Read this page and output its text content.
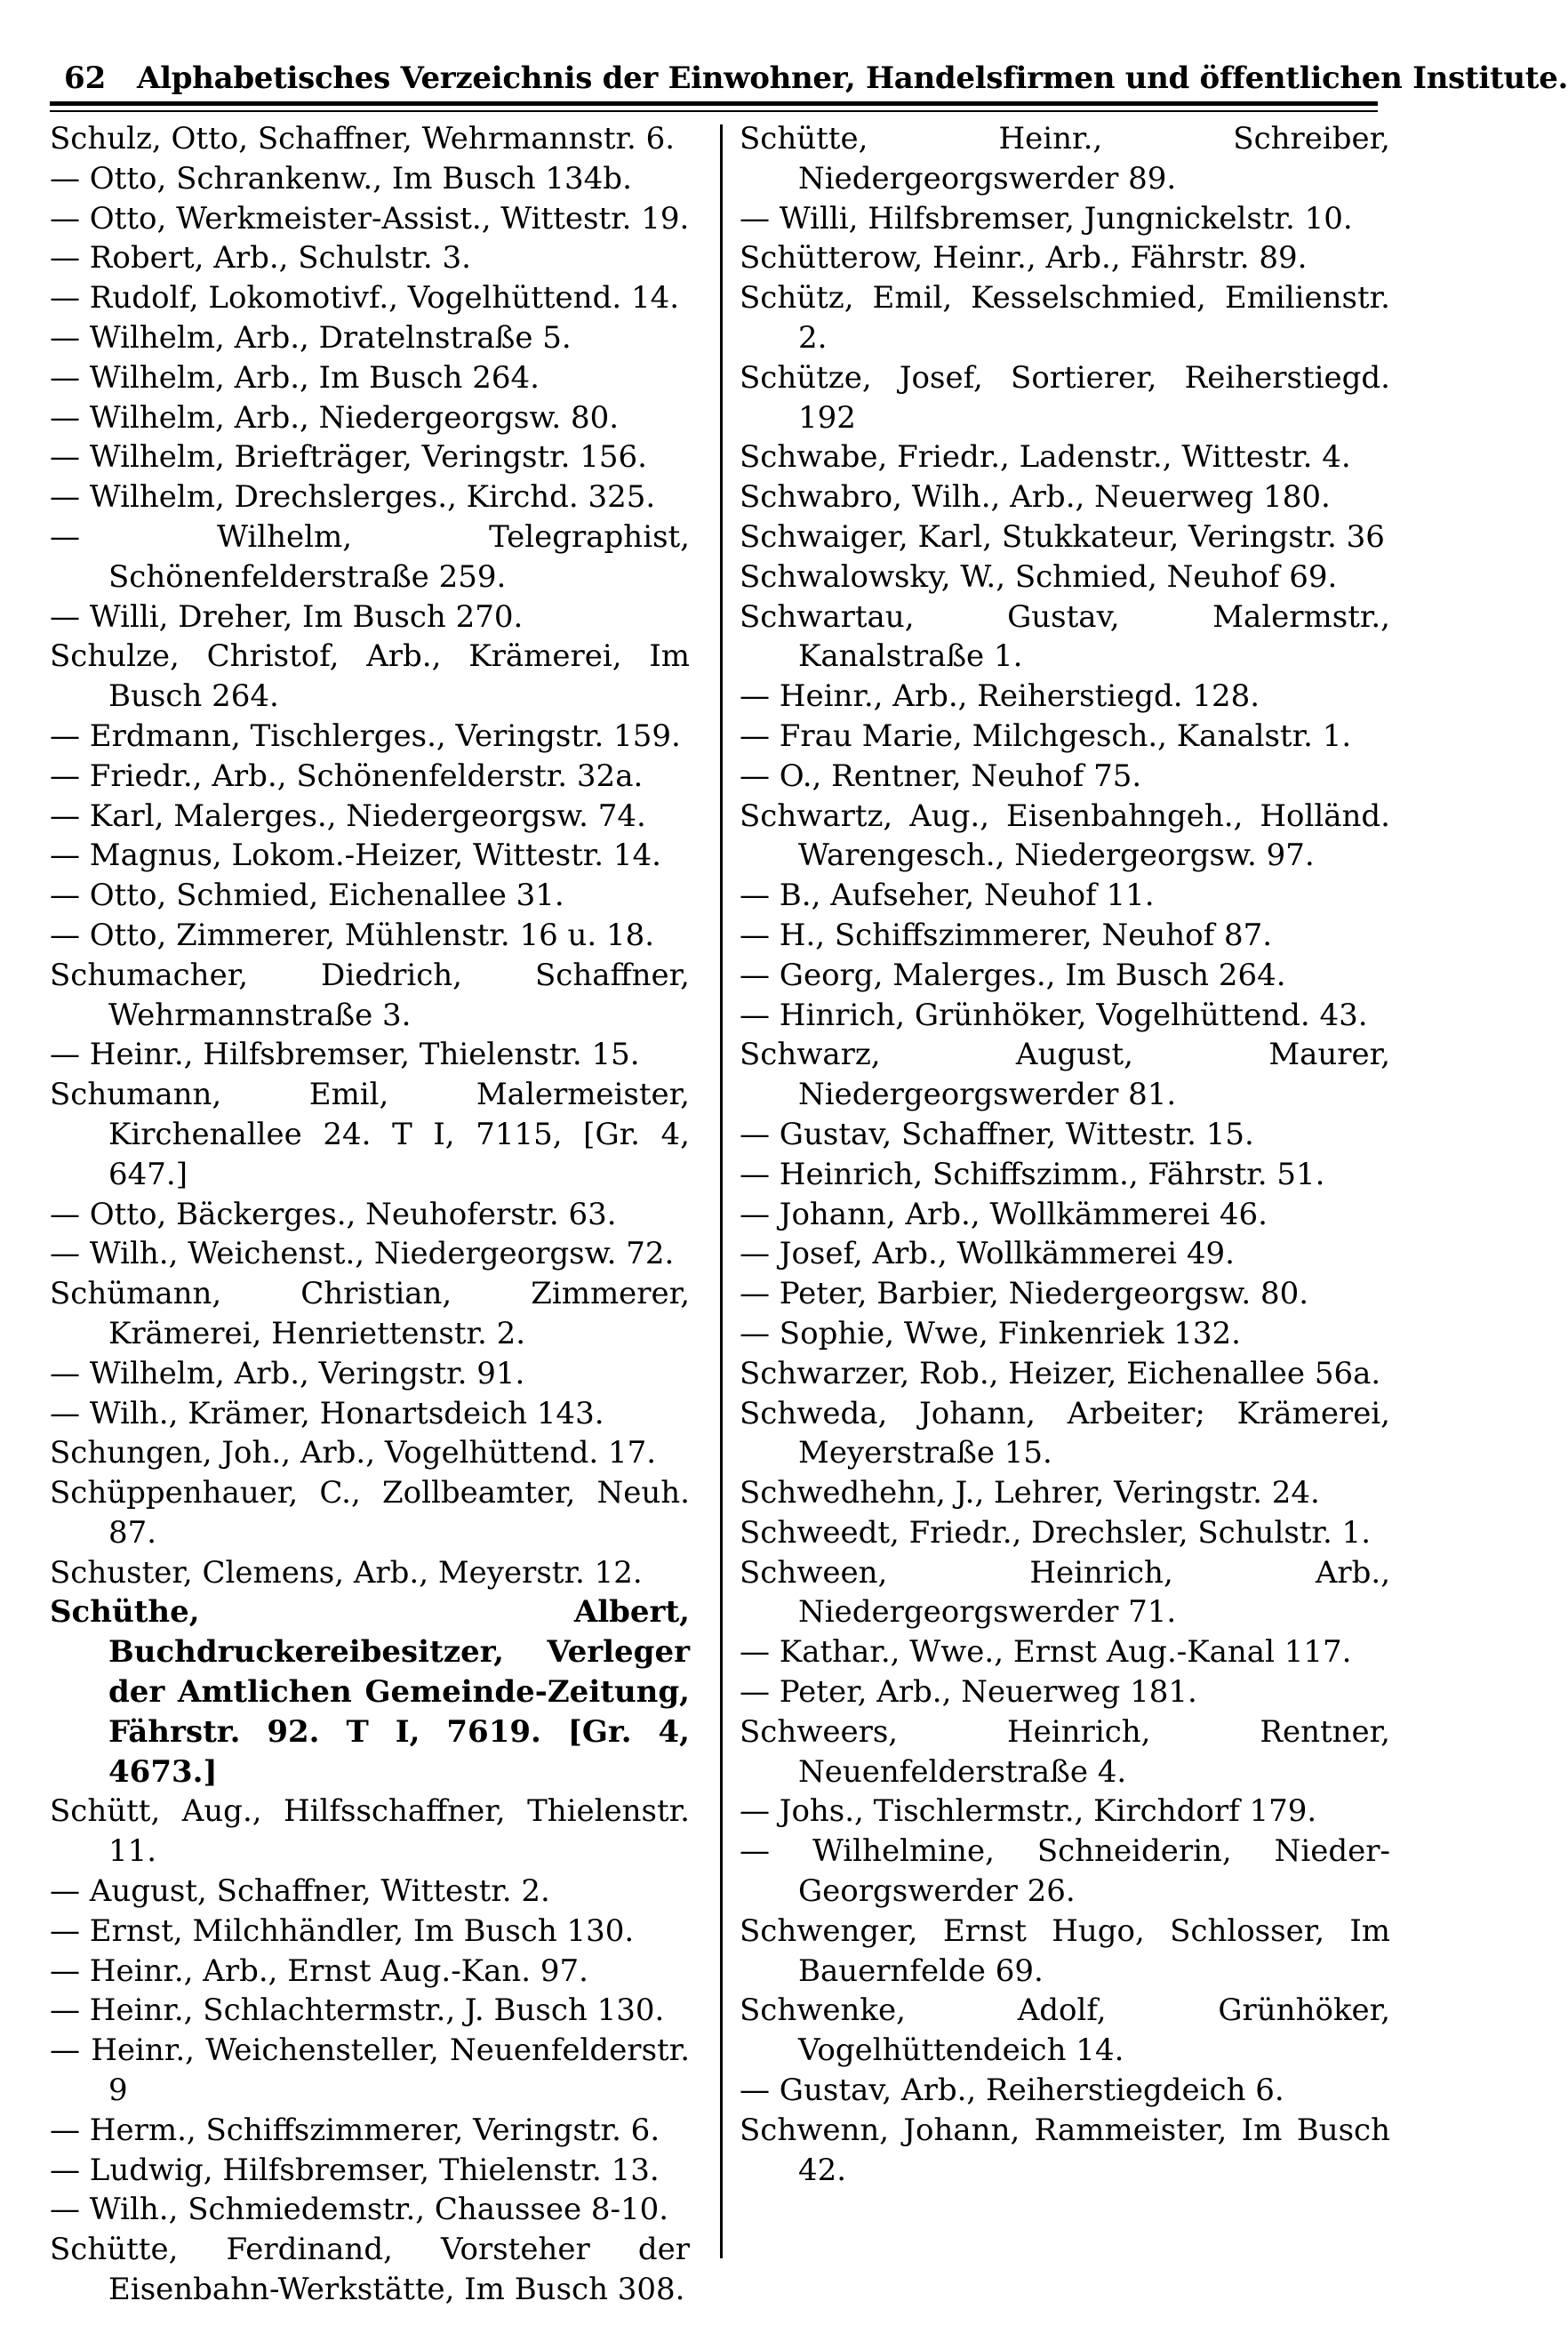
62 Alphabetisches Verzeichnis der Einwohner, Handelsfirmen und öffentlichen Institute.

Schulz, Otto, Schaffner, Wehrmannstr. 6.

— Otto, Schrankenw., Im Busch 134b.

— Otto, Werkmeister-Assist., Wittestr. 19.

— Robert, Arb., Schulstr. 3.

— Rudolf, Lokomotivf., Vogelhüttend. 14.

— Wilhelm, Arb., Dratelnstraße 5.

— Wilhelm, Arb., Im Busch 264.

— Wilhelm, Arb., Niedergeorgsw. 80.

— Wilhelm, Briefträger, Veringstr. 156.

— Wilhelm, Drechslerges., Kirchd. 325.

— Wilhelm, Telegraphist, Schönenfelderstraße 259.

— Willi, Dreher, Im Busch 270.

Schulze, Christof, Arb., Krämerei, Im Busch 264.

— Erdmann, Tischlerges., Veringstr. 159.

— Friedr., Arb., Schönenfelderstr. 32a.

— Karl, Malerges., Niedergeorgsw. 74.

— Magnus, Lokom.-Heizer, Wittestr. 14.

— Otto, Schmied, Eichenallee 31.

— Otto, Zimmerer, Mühlenstr. 16 u. 18.

Schumacher, Diedrich, Schaffner, Wehrmannstraße 3.

— Heinr., Hilfsbremser, Thielenstr. 15.

Schumann, Emil, Malermeister, Kirchenallee 24. T I, 7115, [Gr. 4, 647.]

— Otto, Bäckerges., Neuhoferstr. 63.

— Wilh., Weichenst., Niedergeorgsw. 72.

Schümann, Christian, Zimmerer, Krämerei, Henriettenstr. 2.

— Wilhelm, Arb., Veringstr. 91.

— Wilh., Krämer, Honartsdeich 143.

Schungen, Joh., Arb., Vogelhüttend. 17.

Schüppenhauer, C., Zollbeamter, Neuh. 87.

Schuster, Clemens, Arb., Meyerstr. 12.

Schüthe, Albert, Buchdruckereibesitzer, Verleger der Amtlichen Gemeinde-Zeitung, Fährstr. 92. T I, 7619. [Gr. 4, 4673.]

Schütt, Aug., Hilfsschaffner, Thielenstr. 11.

— August, Schaffner, Wittestr. 2.

— Ernst, Milchhändler, Im Busch 130.

— Heinr., Arb., Ernst Aug.-Kan. 97.

— Heinr., Schlachtermstr., J. Busch 130.

— Heinr., Weichensteller, Neuenfelderstr. 9

— Herm., Schiffszimmerer, Veringstr. 6.

— Ludwig, Hilfsbremser, Thielenstr. 13.

— Wilh., Schmiedemstr., Chaussee 8-10.

Schütte, Ferdinand, Vorsteher der Eisenbahn-Werkstätte, Im Busch 308.

Schütte, Heinr., Schreiber, Niedergeorgswerder 89.

— Willi, Hilfsbremser, Jungnickelstr. 10.

Schütterow, Heinr., Arb., Fährstr. 89.

Schütz, Emil, Kesselschmied, Emilienstr. 2.

Schütze, Josef, Sortierer, Reiherstiegd. 192

Schwabe, Friedr., Ladenstr., Wittestr. 4.

Schwabro, Wilh., Arb., Neuerweg 180.

Schwaiger, Karl, Stukkateur, Veringstr. 36

Schwalowsky, W., Schmied, Neuhof 69.

Schwartau, Gustav, Malermstr., Kanalstraße 1.

— Heinr., Arb., Reiherstiegd. 128.

— Frau Marie, Milchgesch., Kanalstr. 1.

— O., Rentner, Neuhof 75.

Schwartz, Aug., Eisenbahngeh., Holländ. Warengesch., Niedergeorgsw. 97.

— B., Aufseher, Neuhof 11.

— H., Schiffszimmerer, Neuhof 87.

— Georg, Malerges., Im Busch 264.

— Hinrich, Grünhöker, Vogelhüttend. 43.

Schwarz, August, Maurer, Niedergeorgswerder 81.

— Gustav, Schaffner, Wittestr. 15.

— Heinrich, Schiffszimm., Fährstr. 51.

— Johann, Arb., Wollkämmerei 46.

— Josef, Arb., Wollkämmerei 49.

— Peter, Barbier, Niedergeorgsw. 80.

— Sophie, Wwe, Finkenriek 132.

Schwarzer, Rob., Heizer, Eichenallee 56a.

Schweda, Johann, Arbeiter; Krämerei, Meyerstraße 15.

Schwedhehn, J., Lehrer, Veringstr. 24.

Schweedt, Friedr., Drechsler, Schulstr. 1.

Schween, Heinrich, Arb., Niedergeorgswerder 71.

— Kathar., Wwe., Ernst Aug.-Kanal 117.

— Peter, Arb., Neuerweg 181.

Schweers, Heinrich, Rentner, Neuenfelderstraße 4.

— Johs., Tischlermstr., Kirchdorf 179.

— Wilhelmine, Schneiderin, Nieder-Georgswerder 26.

Schwenger, Ernst Hugo, Schlosser, Im Bauernfelde 69.

Schwenke, Adolf, Grünhöker, Vogelhüttendeich 14.

— Gustav, Arb., Reiherstiegdeich 6.

Schwenn, Johann, Rammeister, Im Busch 42.
